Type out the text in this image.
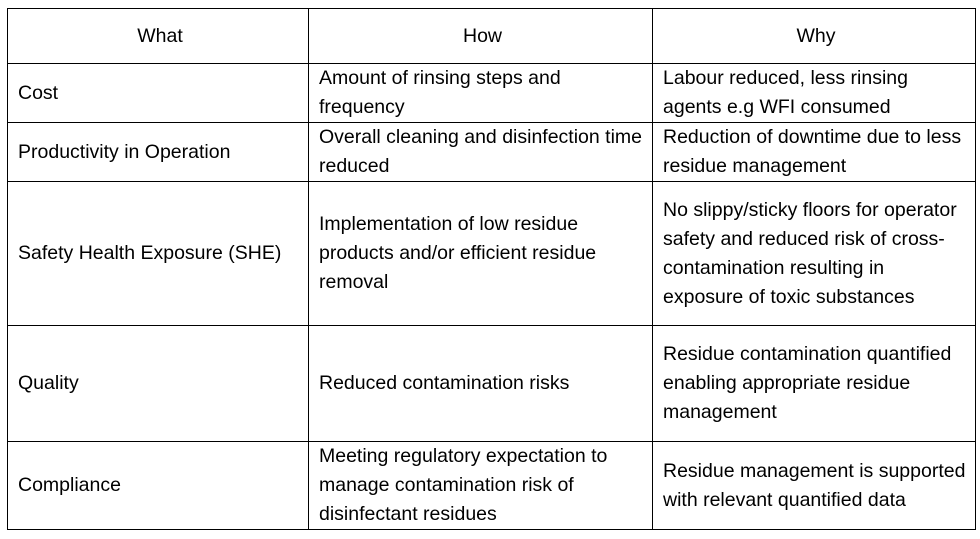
What	How	Why
Cost	Amount of rinsing steps and frequency	Labour reduced, less rinsing agents e.g WFI consumed
Productivity in Operation	Overall cleaning and disinfection time reduced	Reduction of downtime due to less residue management
Safety Health Exposure (SHE)	Implementation of low residue products and/or efficient residue removal	No slippy/sticky floors for operator safety and reduced risk of cross-contamination resulting in exposure of toxic substances
Quality	Reduced contamination risks	Residue contamination quantified enabling appropriate residue management
Compliance	Meeting regulatory expectation to manage contamination risk of disinfectant residues	Residue management is supported with relevant quantified data
